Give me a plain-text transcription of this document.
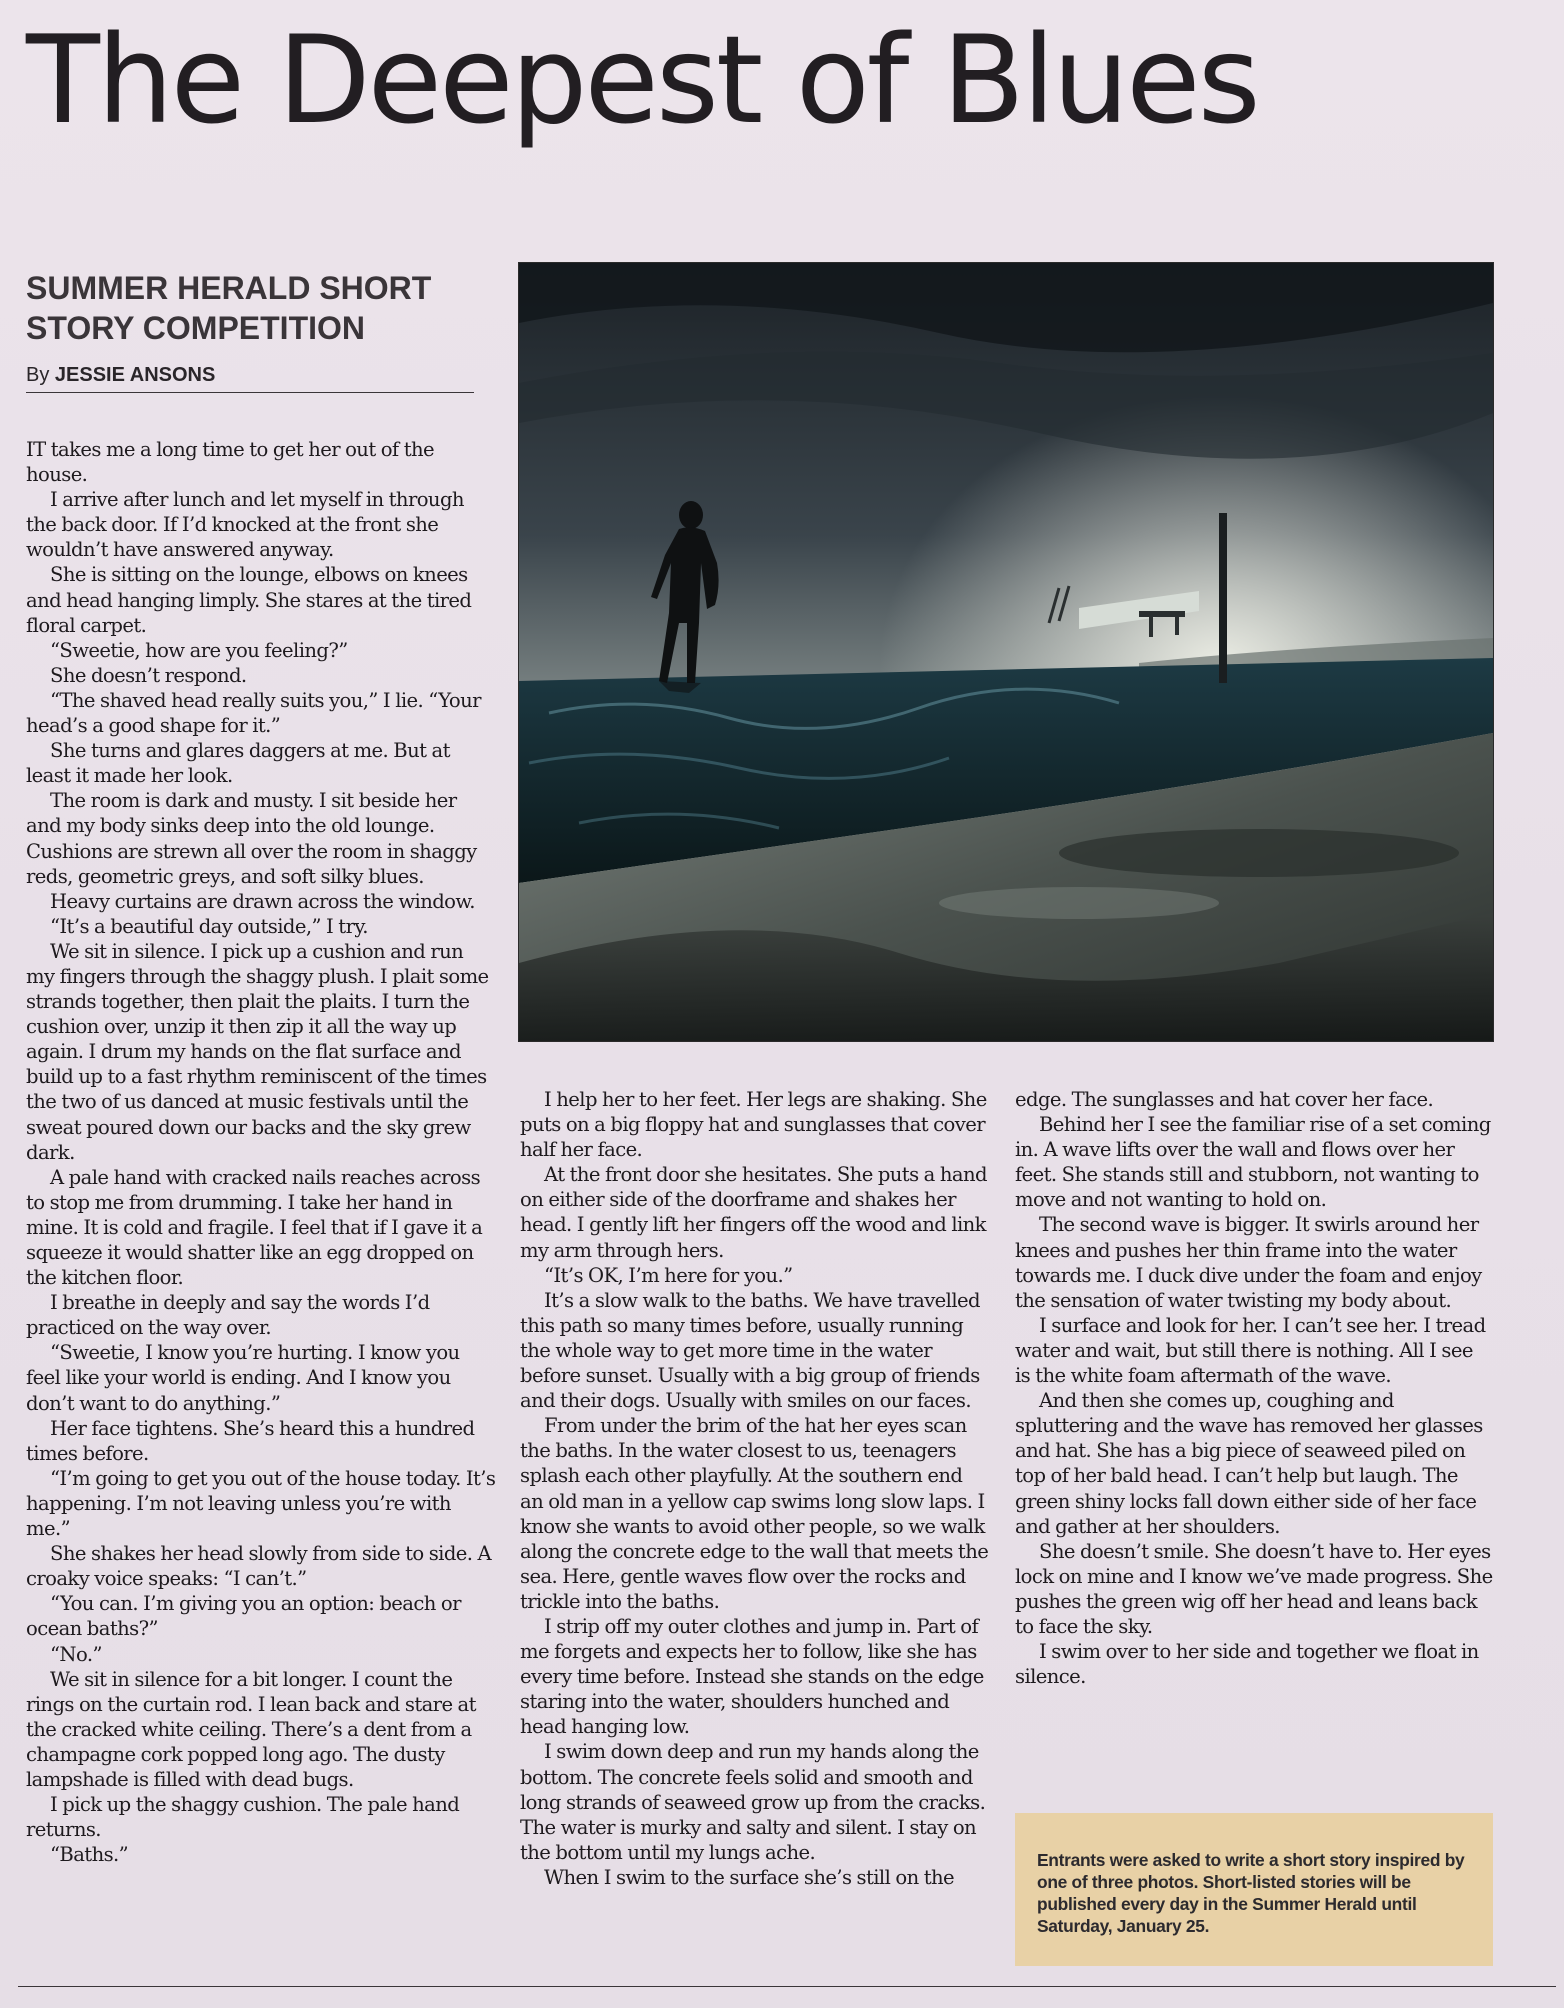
The Deepest of Blues
SUMMER HERALD SHORT STORY COMPETITION
By JESSIE ANSONS

IT takes me a long time to get her out of the house.

I arrive after lunch and let myself in through the back door. If I’d knocked at the front she wouldn’t have answered anyway.

She is sitting on the lounge, elbows on knees and head hanging limply. She stares at the tired floral carpet.

“Sweetie, how are you feeling?”

She doesn’t respond.

“The shaved head really suits you,” I lie. “Your head’s a good shape for it.”

She turns and glares daggers at me. But at least it made her look.

The room is dark and musty. I sit beside her and my body sinks deep into the old lounge. Cushions are strewn all over the room in shaggy reds, geometric greys, and soft silky blues.

Heavy curtains are drawn across the window.

“It’s a beautiful day outside,” I try.

We sit in silence. I pick up a cushion and run my fingers through the shaggy plush. I plait some strands together, then plait the plaits. I turn the cushion over, unzip it then zip it all the way up again. I drum my hands on the flat surface and build up to a fast rhythm reminiscent of the times the two of us danced at music festivals until the sweat poured down our backs and the sky grew dark.

A pale hand with cracked nails reaches across to stop me from drumming. I take her hand in mine. It is cold and fragile. I feel that if I gave it a squeeze it would shatter like an egg dropped on the kitchen floor.

I breathe in deeply and say the words I’d practiced on the way over.

“Sweetie, I know you’re hurting. I know you feel like your world is ending. And I know you don’t want to do anything.”

Her face tightens. She’s heard this a hundred times before.

“I’m going to get you out of the house today. It’s happening. I’m not leaving unless you’re with me.”

She shakes her head slowly from side to side. A croaky voice speaks: “I can’t.”

“You can. I’m giving you an option: beach or ocean baths?”

“No.”

We sit in silence for a bit longer. I count the rings on the curtain rod. I lean back and stare at the cracked white ceiling. There’s a dent from a champagne cork popped long ago. The dusty lampshade is filled with dead bugs.

I pick up the shaggy cushion. The pale hand returns.

“Baths.”

I help her to her feet. Her legs are shaking. She puts on a big floppy hat and sunglasses that cover half her face.

At the front door she hesitates. She puts a hand on either side of the doorframe and shakes her head. I gently lift her fingers off the wood and link my arm through hers.

“It’s OK, I’m here for you.”

It’s a slow walk to the baths. We have travelled this path so many times before, usually running the whole way to get more time in the water before sunset. Usually with a big group of friends and their dogs. Usually with smiles on our faces.

From under the brim of the hat her eyes scan the baths. In the water closest to us, teenagers splash each other playfully. At the southern end an old man in a yellow cap swims long slow laps. I know she wants to avoid other people, so we walk along the concrete edge to the wall that meets the sea. Here, gentle waves flow over the rocks and trickle into the baths.

I strip off my outer clothes and jump in. Part of me forgets and expects her to follow, like she has every time before. Instead she stands on the edge staring into the water, shoulders hunched and head hanging low.

I swim down deep and run my hands along the bottom. The concrete feels solid and smooth and long strands of seaweed grow up from the cracks. The water is murky and salty and silent. I stay on the bottom until my lungs ache.

When I swim to the surface she’s still on the

edge. The sunglasses and hat cover her face.

Behind her I see the familiar rise of a set coming in. A wave lifts over the wall and flows over her feet. She stands still and stubborn, not wanting to move and not wanting to hold on.

The second wave is bigger. It swirls around her knees and pushes her thin frame into the water towards me. I duck dive under the foam and enjoy the sensation of water twisting my body about.

I surface and look for her. I can’t see her. I tread water and wait, but still there is nothing. All I see is the white foam aftermath of the wave.

And then she comes up, coughing and spluttering and the wave has removed her glasses and hat. She has a big piece of seaweed piled on top of her bald head. I can’t help but laugh. The green shiny locks fall down either side of her face and gather at her shoulders.

She doesn’t smile. She doesn’t have to. Her eyes lock on mine and I know we’ve made progress. She pushes the green wig off her head and leans back to face the sky.

I swim over to her side and together we float in silence.

Entrants were asked to write a short story inspired by one of three photos. Short-listed stories will be published every day in the Summer Herald until Saturday, January 25.
